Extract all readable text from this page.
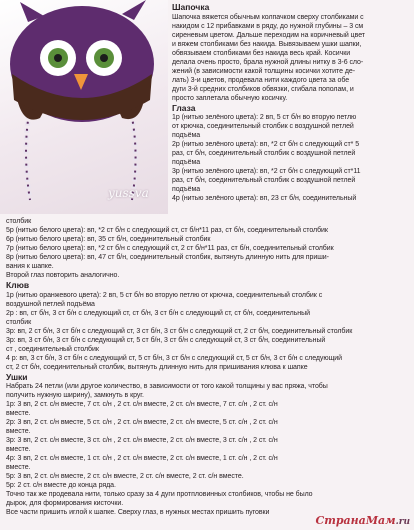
yussva
Шапочка
Шапочка вяжется обычным колпачком сверху столбиками с
накидом с 12 прибавками в ряду, до нужной глубины – 3 см
сиреневым цветом. Дальше переходим на коричневый цвет
и вяжем столбиками без накида. Вывязываем ушки шапки,
обвязываем столбиками без накида весь край. Косички
делала очень просто, брала нужной длины нитку в 3-6 сло-
жений (в зависимости какой толщины косички хотите де-
лать) 3-и цветов, продевала нити каждого цвета за обе
дуги 3-й средних столбиков обвязки, сгибала пополам, и
просто заплетала обычную косичку.
Глаза
1р (нитью зелёного цвета): 2 вп, 5 ст б/н во вторую петлю
от крючка, соединительный столбик с воздушной петлей
подъёма
2р (нитью зелёного цвета): вп, *2 ст б/н с следующий ст* 5
раз, ст б/н, соединительный столбик с воздушной петлей
подъёма
3р (нитью зелёного цвета): вп, *2 ст б/н с следующий ст*11
раз, ст б/н, соединительный столбик с воздушной петлей
подъёма
4р (нитью зелёного цвета): вп, 23 ст б/н, соединительный
столбик
5р (нитью белого цвета): вп, *2 ст б/н с следующий ст, ст б/н*11 раз, ст б/н, соединительный столбик
6р (нитью белого цвета): вп, 35 ст б/н, соединительный столбик
7р (нитью белого цвета): вп, *2 ст б/н с следующий ст, 2 ст б/н*11 раз, ст б/н, соединительный столбик
8р (нитью белого цвета): вп, 47 ст б/н, соединительный столбик, вытянуть длинную нить для приши-
вания к шапке.
Второй глаз повторить аналогично.
Клюв
1р (нитью оранжевого цвета): 2 вп, 5 ст б/н во вторую петлю от крючка, соединительный столбик с
воздушной петлей подъёма
2р : вп, ст б/н, 3 ст б/н с следующий ст, ст б/н, 3 ст б/н с следующий ст, ст б/н, соединительный
столбик
3р: вп, 2 ст б/н, 3 ст б/н с следующий ст, 3 ст б/н, 3 ст б/н с следующий ст, 2 ст б/н, соединительный столбик
3р: вп, 3 ст б/н, 3 ст б/н с следующий ст, 5 ст б/н, 3 ст б/н с следующий ст, 3 ст б/н, соединительный
ст , соединительный столбик
4 р: вп, 3 ст б/н, 3 ст б/н с следующий ст, 5 ст б/н, 3 ст б/н с следующий ст, 5 ст б/н, 3 ст б/н с следующий
ст, 2 ст б/н, соединительный столбик, вытянуть длинную нить для пришивания клюва к шапке
Ушки
Набрать 24 петли (или другое количество, в зависимости от того какой толщины у вас пряжа, чтобы
получить нужную ширину), замкнуть в круг.
1р: 3 вп, 2 ст. с/н вместе, 7 ст. с/н , 2 ст. с/н вместе, 2 ст. с/н вместе, 7 ст. с/н , 2 ст. с/н
вместе.
2р: 3 вп, 2 ст. с/н вместе, 5 ст. с/н , 2 ст. с/н вместе, 2 ст. с/н вместе, 5 ст. с/н , 2 ст. с/н
вместе.
3р: 3 вп, 2 ст. с/н вместе, 3 ст. с/н , 2 ст. с/н вместе, 2 ст. с/н вместе, 3 ст. с/н , 2 ст. с/н
вместе.
4р: 3 вп, 2 ст. с/н вместе, 1 ст. с/н , 2 ст. с/н вместе, 2 ст. с/н вместе, 1 ст. с/н , 2 ст. с/н
вместе.
5р: 3 вп, 2 ст. с/н вместе, 2 ст. с/н вместе, 2 ст. с/н вместе, 2 ст. с/н вместе.
5р: 2 ст. с/н вместе до конца ряда.
Точно так же продевала нити, только сразу за 4 дуги протпловинных столбиков, чтобы не было
дырок, для формирования кисточки.
Все части пришить иглой к шапке. Сверху глаз, в нужных местах пришить пуговки
СтранаМам.ru
